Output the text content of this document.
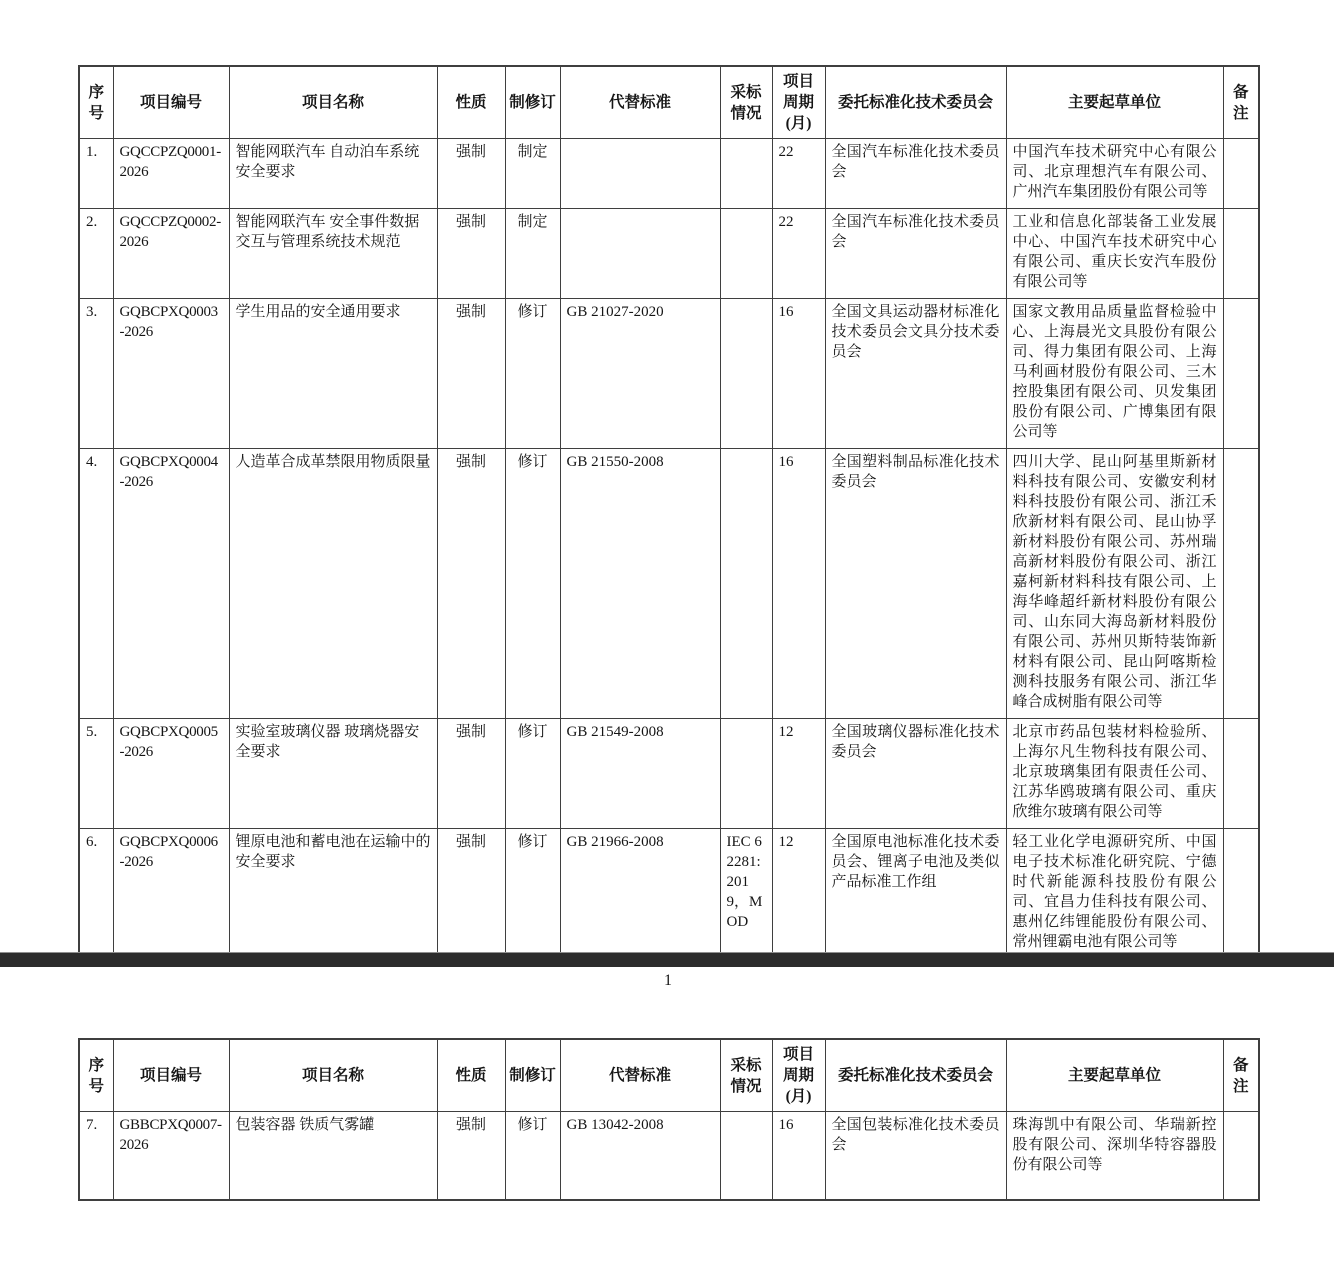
序号	项目编号	项目名称	性质	制修订	代替标准	采标情况	项目周期(月)	委托标准化技术委员会	主要起草单位	备注
1.	GQCCPZQ0001-2026	智能网联汽车 自动泊车系统安全要求	强制	制定			22	全国汽车标准化技术委员会	中国汽车技术研究中心有限公司、北京理想汽车有限公司、广州汽车集团股份有限公司等	
2.	GQCCPZQ0002-2026	智能网联汽车 安全事件数据交互与管理系统技术规范	强制	制定			22	全国汽车标准化技术委员会	工业和信息化部装备工业发展中心、中国汽车技术研究中心有限公司、重庆长安汽车股份有限公司等	
3.	GQBCPXQ0003-2026	学生用品的安全通用要求	强制	修订	GB 21027-2020		16	全国文具运动器材标准化技术委员会文具分技术委员会	国家文教用品质量监督检验中心、上海晨光文具股份有限公司、得力集团有限公司、上海马利画材股份有限公司、三木控股集团有限公司、贝发集团股份有限公司、广博集团有限公司等	
4.	GQBCPXQ0004-2026	人造革合成革禁限用物质限量	强制	修订	GB 21550-2008		16	全国塑料制品标准化技术委员会	四川大学、昆山阿基里斯新材料科技有限公司、安徽安利材料科技股份有限公司、浙江禾欣新材料有限公司、昆山协孚新材料股份有限公司、苏州瑞高新材料股份有限公司、浙江嘉柯新材料科技有限公司、上海华峰超纤新材料股份有限公司、山东同大海岛新材料股份有限公司、苏州贝斯特装饰新材料有限公司、昆山阿喀斯检测科技服务有限公司、浙江华峰合成树脂有限公司等	
5.	GQBCPXQ0005-2026	实验室玻璃仪器 玻璃烧器安全要求	强制	修订	GB 21549-2008		12	全国玻璃仪器标准化技术委员会	北京市药品包装材料检验所、上海尔凡生物科技有限公司、北京玻璃集团有限责任公司、江苏华鸥玻璃有限公司、重庆欣维尔玻璃有限公司等	
6.	GQBCPXQ0006-2026	锂原电池和蓄电池在运输中的安全要求	强制	修订	GB 21966-2008	IEC 62281:2019，MOD	12	全国原电池标准化技术委员会、锂离子电池及类似产品标准工作组	轻工业化学电源研究所、中国电子技术标准化研究院、宁德时代新能源科技股份有限公司、宜昌力佳科技有限公司、惠州亿纬锂能股份有限公司、常州锂霸电池有限公司等	
1
序号	项目编号	项目名称	性质	制修订	代替标准	采标情况	项目周期(月)	委托标准化技术委员会	主要起草单位	备注
7.	GBBCPXQ0007-2026	包装容器 铁质气雾罐	强制	修订	GB 13042-2008		16	全国包装标准化技术委员会	珠海凯中有限公司、华瑞新控股有限公司、深圳华特容器股份有限公司等	
